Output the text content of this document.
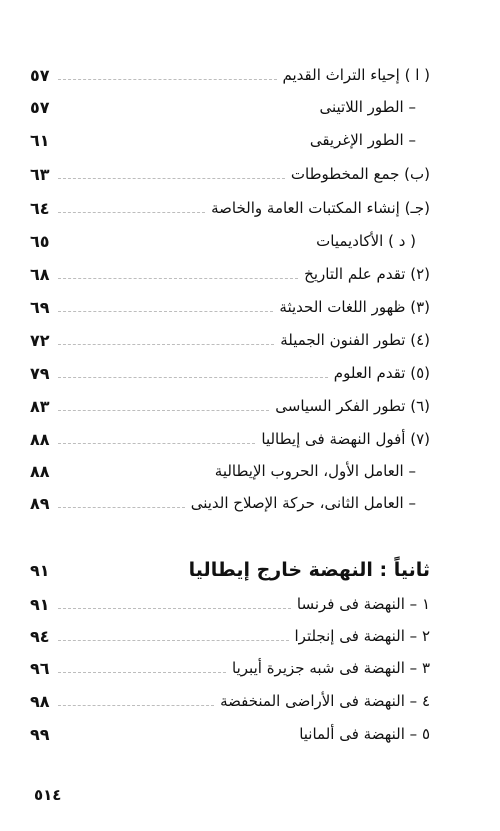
( ا ) إحياء التراث القديم
٥٧
– الطور اللاتينى
٥٧
– الطور الإغريقى
٦١
(ب) جمع المخطوطات
٦٣
(جـ) إنشاء المكتبات العامة والخاصة
٦٤
( د ) الأكاديميات
٦٥
(٢) تقدم علم التاريخ
٦٨
(٣) ظهور اللغات الحديثة
٦٩
(٤) تطور الفنون الجميلة
٧٢
(٥) تقدم العلوم
٧٩
(٦) تطور الفكر السياسى
٨٣
(٧) أفول النهضة فى إيطاليا
٨٨
– العامل الأول، الحروب الإيطالية
٨٨
– العامل الثانى، حركة الإصلاح الدينى
٨٩
ثانياً : النهضة خارج إيطاليا
٩١
١ – النهضة فى فرنسا
٩١
٢ – النهضة فى إنجلترا
٩٤
٣ – النهضة فى شبه جزيرة أيبريا
٩٦
٤ – النهضة فى الأراضى المنخفضة
٩٨
٥ – النهضة فى ألمانيا
٩٩
٥١٤
